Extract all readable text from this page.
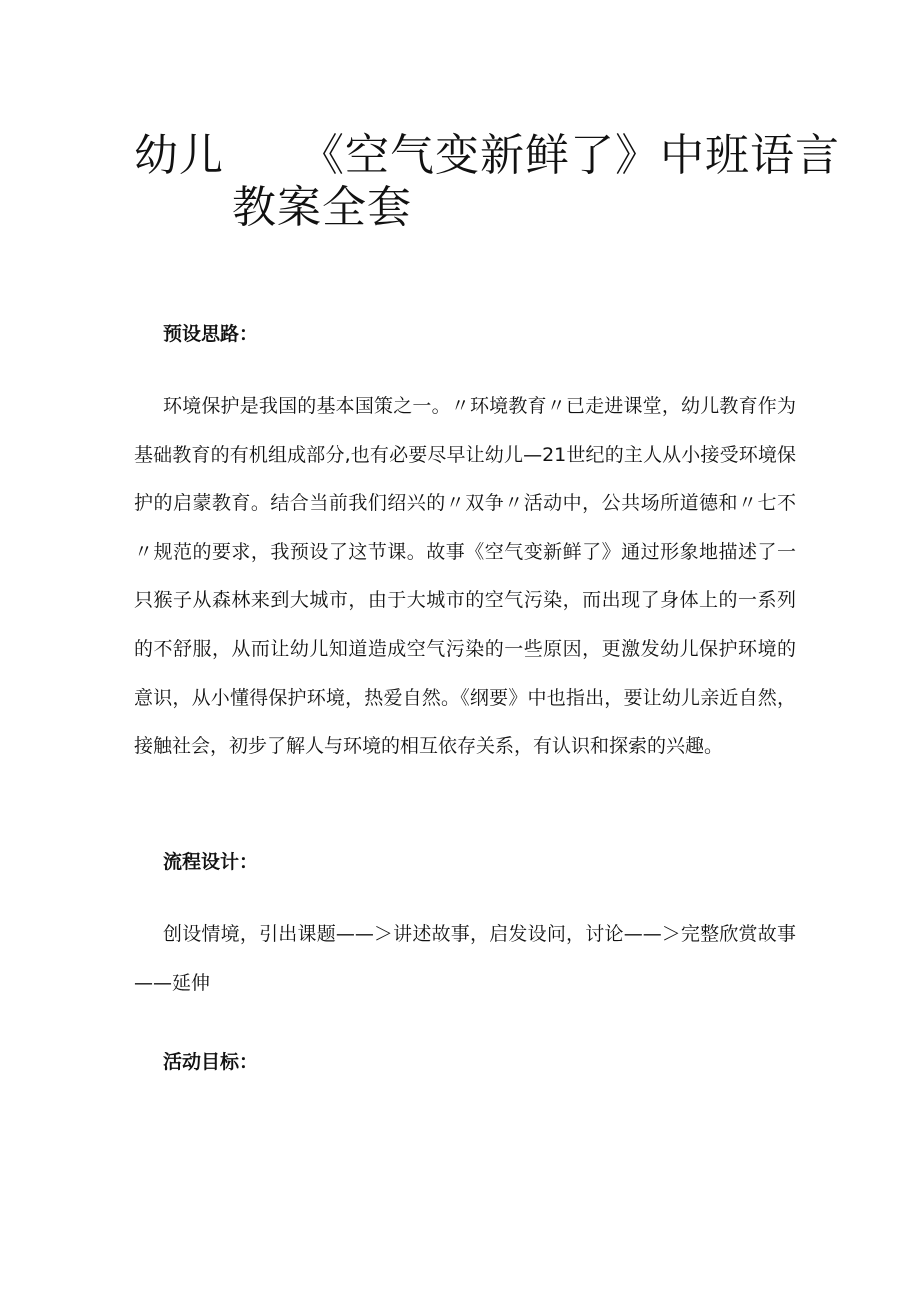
幼儿 《空气变新鲜了》中班语言
教案全套
预设思路：
环境保护是我国的基本国策之一。〃环境教育〃已走进课堂，幼儿教育作为基础教育的有机组成部分,也有必要尽早让幼儿—21世纪的主人从小接受环境保护的启蒙教育。结合当前我们绍兴的〃双争〃活动中，公共场所道德和〃七不〃规范的要求，我预设了这节课。故事《空气变新鲜了》通过形象地描述了一只猴子从森林来到大城市，由于大城市的空气污染，而出现了身体上的一系列的不舒服，从而让幼儿知道造成空气污染的一些原因，更激发幼儿保护环境的意识，从小懂得保护环境，热爱自然。《纲要》中也指出，要让幼儿亲近自然，接触社会，初步了解人与环境的相互依存关系，有认识和探索的兴趣。
流程设计：
创设情境，引出课题——＞讲述故事，启发设问，讨论——＞完整欣赏故事——延伸
活动目标：
